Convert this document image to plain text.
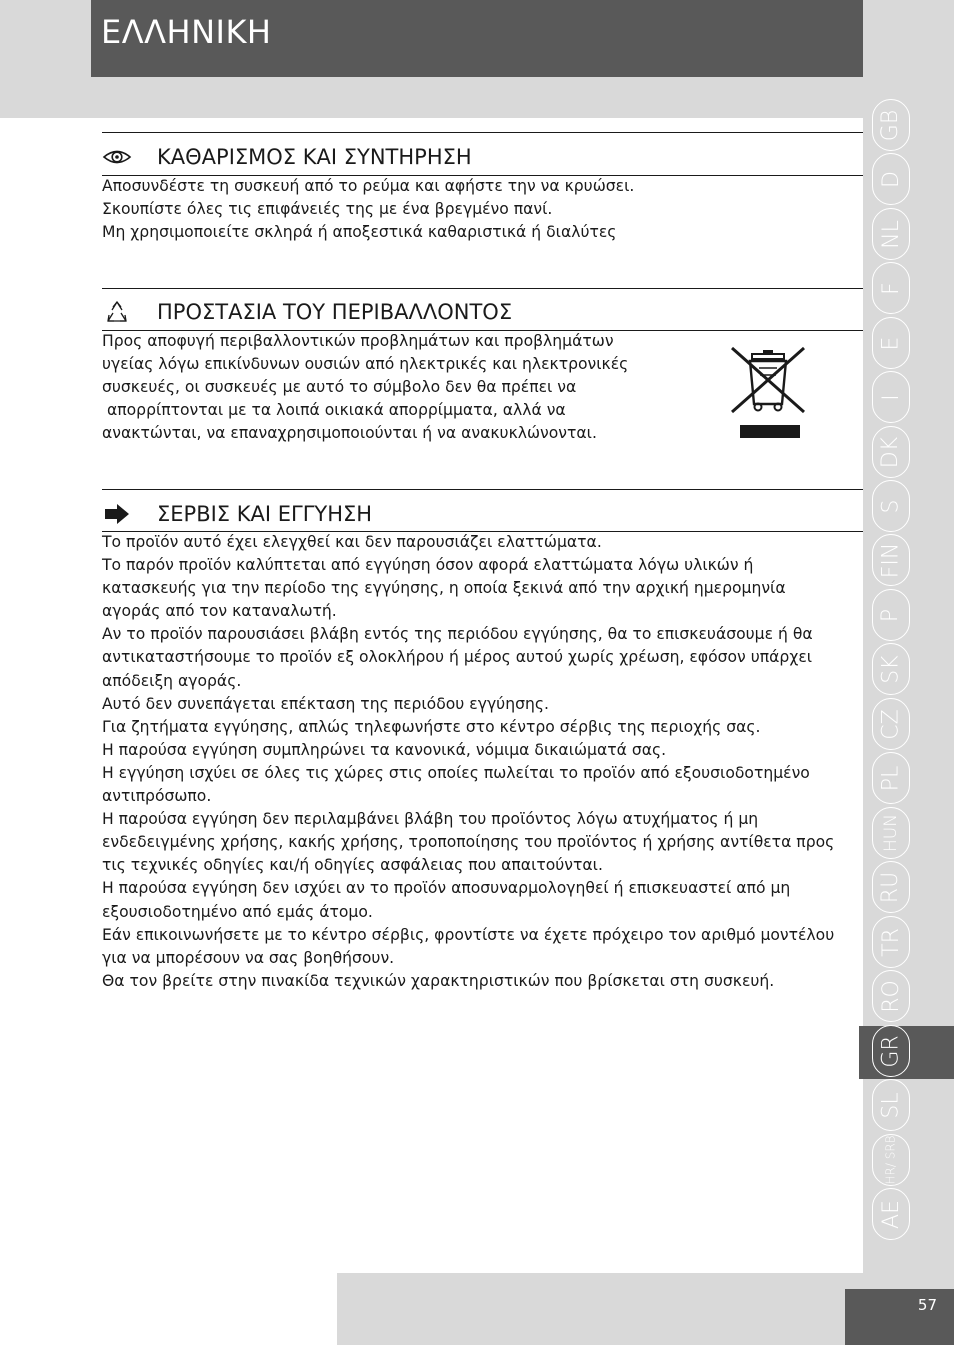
ΕΛΛΗΝΙΚΗ
GB
D
NL
F
E
I
DK
S
FIN
P
SK
CZ
PL
HUN
RU
TR
RO
GR
SL
HR/ SRB
AE
ΚΑΘΑΡΙΣΜΟΣ ΚΑΙ ΣΥΝΤΗΡΗΣΗ

Αποσυνδέστε τη συσκευή από το ρεύμα και αφήστε την να κρυώσει.

Σκουπίστε όλες τις επιφάνειές της με ένα βρεγμένο πανί.

Μη χρησιμοποιείτε σκληρά ή αποξεστικά καθαριστικά ή διαλύτες

ΠΡΟΣΤΑΣΙΑ ΤΟΥ ΠΕΡΙΒΑΛΛΟΝΤΟΣ

Προς αποφυγή περιβαλλοντικών προβλημάτων και προβλημάτων

υγείας λόγω επικίνδυνων ουσιών από ηλεκτρικές και ηλεκτρονικές

συσκευές, οι συσκευές με αυτό το σύμβολο δεν θα πρέπει να

απορρίπτονται με τα λοιπά οικιακά απορρίμματα, αλλά να

ανακτώνται, να επαναχρησιμοποιούνται ή να ανακυκλώνονται.

ΣΕΡΒΙΣ ΚΑΙ ΕΓΓΥΗΣΗ

Το προϊόν αυτό έχει ελεγχθεί και δεν παρουσιάζει ελαττώματα.

Το παρόν προϊόν καλύπτεται από εγγύηση όσον αφορά ελαττώματα λόγω υλικών ή

κατασκευής για την περίοδο της εγγύησης, η οποία ξεκινά από την αρχική ημερομηνία

αγοράς από τον καταναλωτή.

Αν το προϊόν παρουσιάσει βλάβη εντός της περιόδου εγγύησης, θα το επισκευάσουμε ή θα

αντικαταστήσουμε το προϊόν εξ ολοκλήρου ή μέρος αυτού χωρίς χρέωση, εφόσον υπάρχει

απόδειξη αγοράς.

Αυτό δεν συνεπάγεται επέκταση της περιόδου εγγύησης.

Για ζητήματα εγγύησης, απλώς τηλεφωνήστε στο κέντρο σέρβις της περιοχής σας.

Η παρούσα εγγύηση συμπληρώνει τα κανονικά, νόμιμα δικαιώματά σας.

Η εγγύηση ισχύει σε όλες τις χώρες στις οποίες πωλείται το προϊόν από εξουσιοδοτημένο

αντιπρόσωπο.

Η παρούσα εγγύηση δεν περιλαμβάνει βλάβη του προϊόντος λόγω ατυχήματος ή μη

ενδεδειγμένης χρήσης, κακής χρήσης, τροποποίησης του προϊόντος ή χρήσης αντίθετα προς

τις τεχνικές οδηγίες και/ή οδηγίες ασφάλειας που απαιτούνται.

Η παρούσα εγγύηση δεν ισχύει αν το προϊόν αποσυναρμολογηθεί ή επισκευαστεί από μη

εξουσιοδοτημένο από εμάς άτομο.

Εάν επικοινωνήσετε με το κέντρο σέρβις, φροντίστε να έχετε πρόχειρο τον αριθμό μοντέλου

για να μπορέσουν να σας βοηθήσουν.

Θα τον βρείτε στην πινακίδα τεχνικών χαρακτηριστικών που βρίσκεται στη συσκευή.

57
